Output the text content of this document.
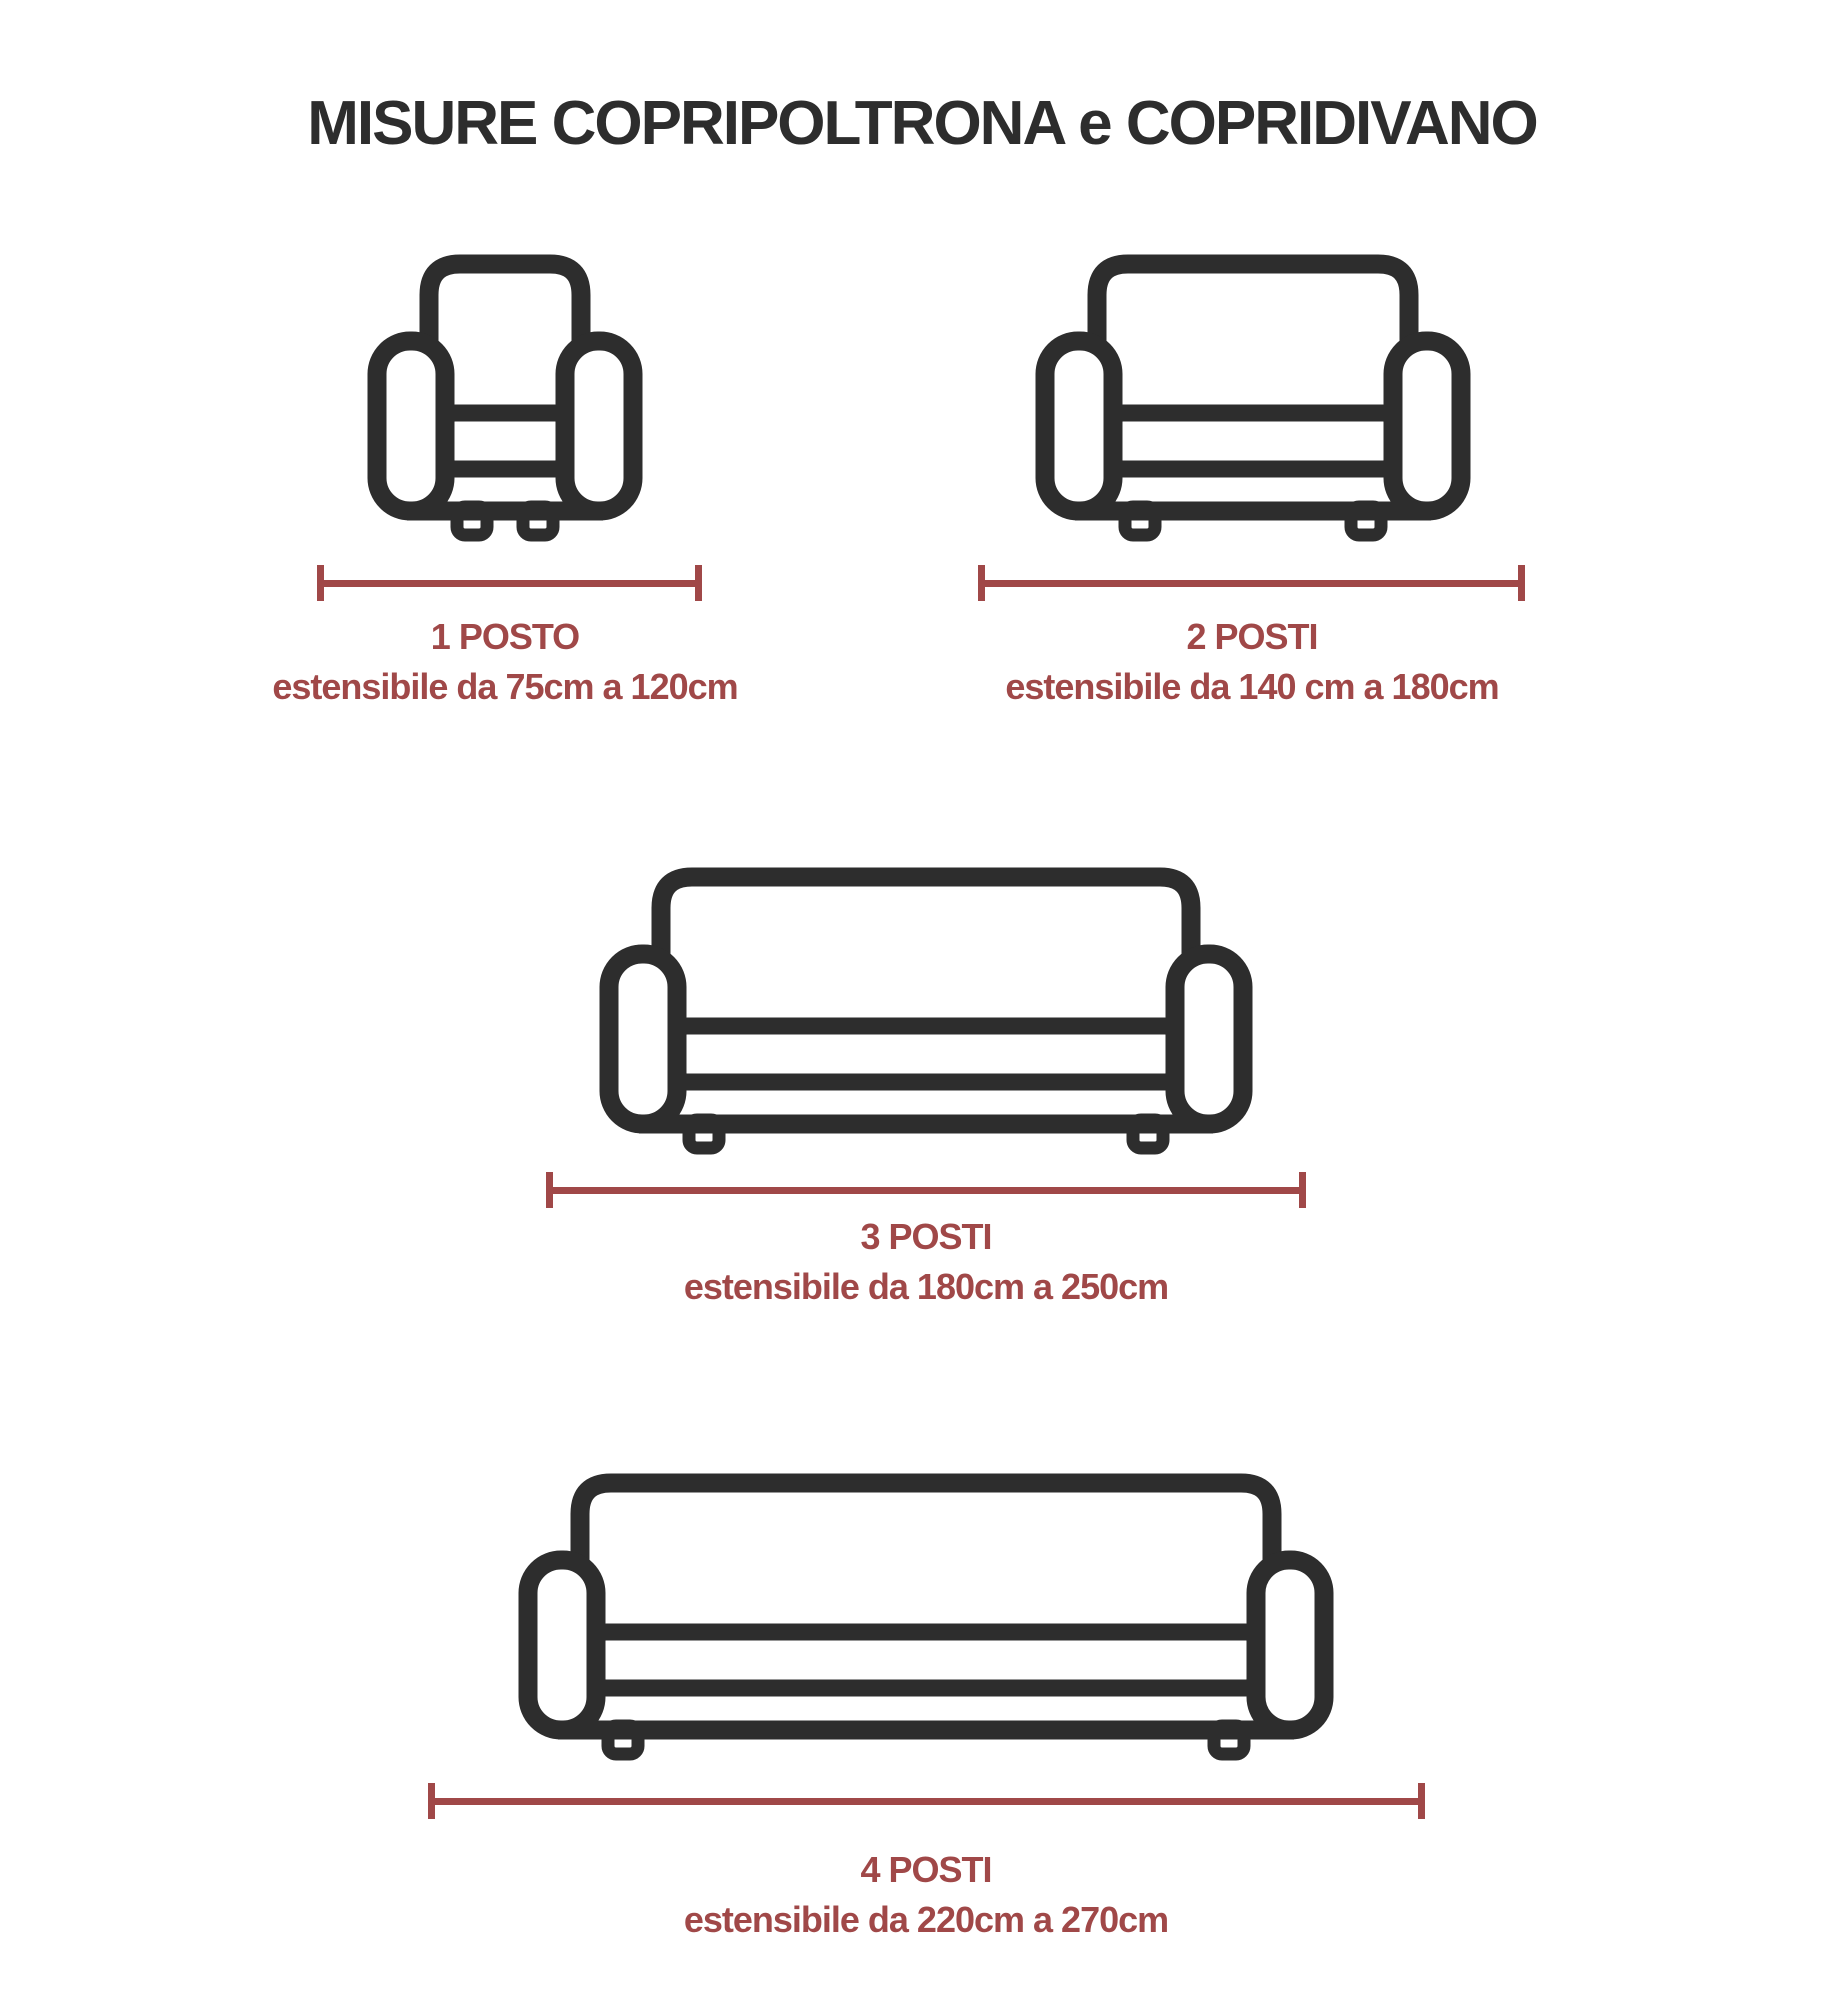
MISURE COPRIPOLTRONA e COPRIDIVANO
1 POSTO
estensibile da 75cm a 120cm
2 POSTI
estensibile da 140 cm a 180cm
3 POSTI
estensibile da 180cm a 250cm
4 POSTI
estensibile da 220cm a 270cm
